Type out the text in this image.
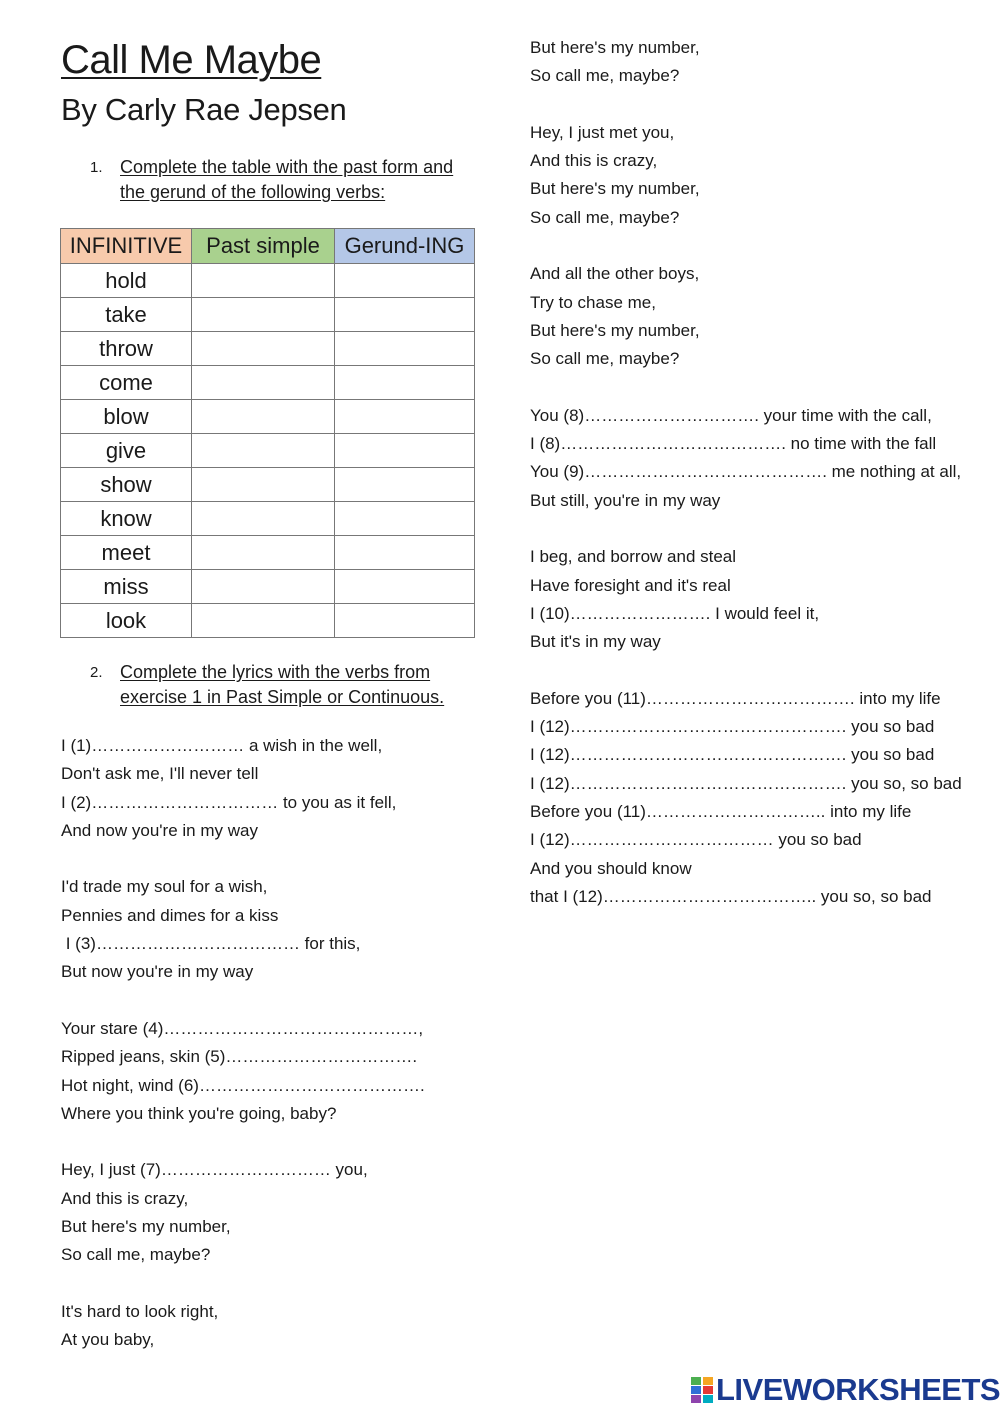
Call Me Maybe
By Carly Rae Jepsen
1. Complete the table with the past form and the gerund of the following verbs:
INFINITIVE	Past simple	Gerund-ING
hold		
take		
throw		
come		
blow		
give		
show		
know		
meet		
miss		
look		
2. Complete the lyrics with the verbs from exercise 1 in Past Simple or Continuous.
I (1)……………………… a wish in the well,
Don't ask me, I'll never tell
I (2)…………………………… to you as it fell,
And now you're in my way
I'd trade my soul for a wish,
Pennies and dimes for a kiss
I (3)……………………………… for this,
But now you're in my way
Your stare (4)………………………………………,
Ripped jeans, skin (5)…………………………….
Hot night, wind (6)………………………………….
Where you think you're going, baby?
Hey, I just (7)………………………… you,
And this is crazy,
But here's my number,
So call me, maybe?
It's hard to look right,
At you baby,
But here's my number,
So call me, maybe?
Hey, I just met you,
And this is crazy,
But here's my number,
So call me, maybe?
And all the other boys,
Try to chase me,
But here's my number,
So call me, maybe?
You (8)…………………………. your time with the call,
I (8)…………………………………. no time with the fall
You (9)……………………………………. me nothing at all,
But still, you're in my way
I beg, and borrow and steal
Have foresight and it's real
I (10)……………………. I would feel it,
But it's in my way
Before you (11)………………………………. into my life
I (12)…………………………………………. you so bad
I (12)…………………………………………. you so bad
I (12)…………………………………………. you so, so bad
Before you (11)………………………….. into my life
I (12)……………………………… you so bad
And you should know
that I (12)……………………………….. you so, so bad
LIVEWORKSHEETS
